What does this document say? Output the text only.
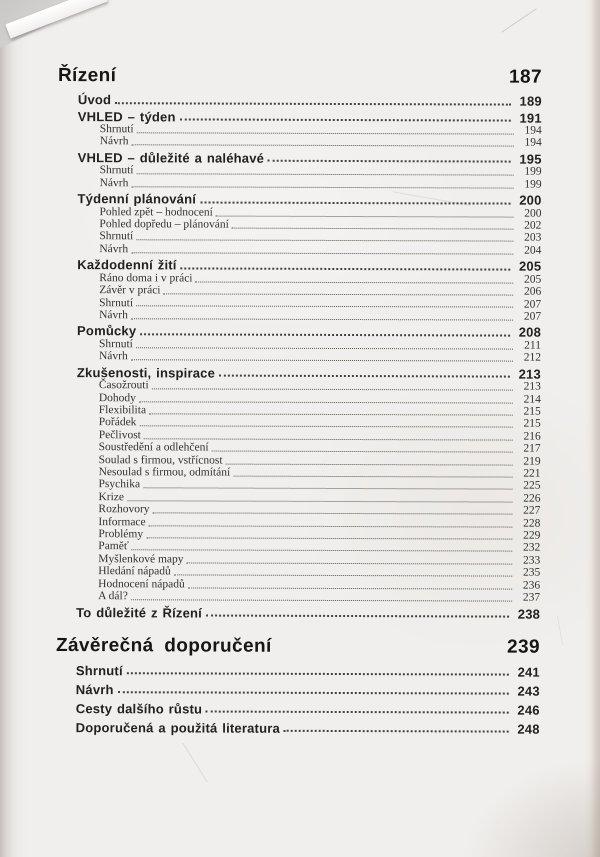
Řízení	187
Úvod	189
VHLED – týden	191
Shrnutí	194
Návrh	194
VHLED – důležité a naléhavé	195
Shrnutí	199
Návrh	199
Týdenní plánování	200
Pohled zpět – hodnocení	200
Pohled dopředu – plánování	202
Shrnutí	203
Návrh	204
Každodenní žití	205
Ráno doma i v práci	205
Závěr v práci	206
Shrnutí	207
Návrh	207
Pomůcky	208
Shrnutí	211
Návrh	212
Zkušenosti, inspirace	213
Časožrouti	213
Dohody	214
Flexibilita	215
Pořádek	215
Pečlivost	216
Soustředění a odlehčení	217
Soulad s firmou, vstřícnost	219
Nesoulad s firmou, odmítání	221
Psychika	225
Krize	226
Rozhovory	227
Informace	228
Problémy	229
Paměť	232
Myšlenkové mapy	233
Hledání nápadů	235
Hodnocení nápadů	236
A dál?	237
To důležité z Řízení	238
Závěrečná doporučení	239
Shrnutí	241
Návrh	243
Cesty dalšího růstu	246
Doporučená a použitá literatura	248
